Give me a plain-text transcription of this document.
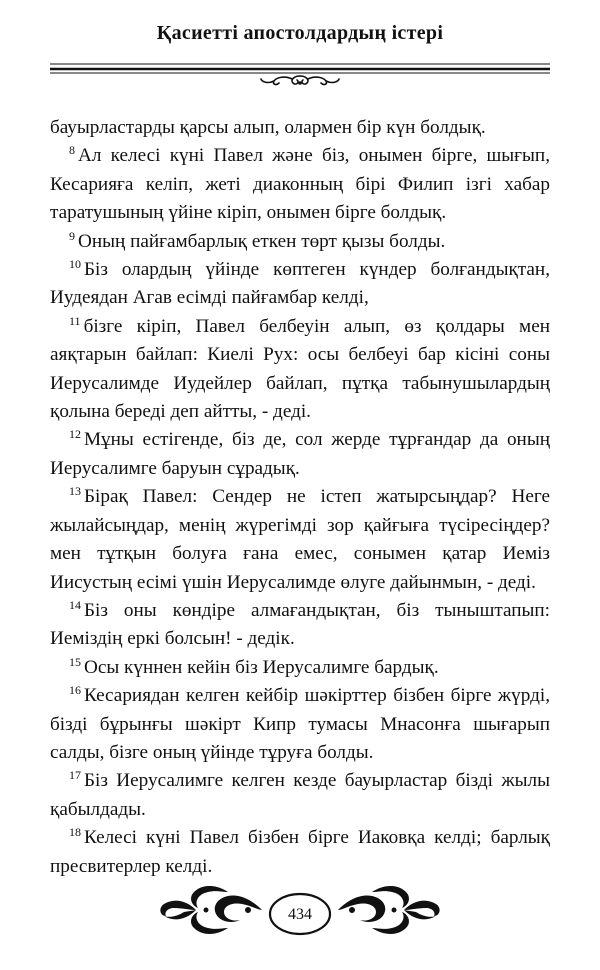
Қасиетті апостолдардың істері

бауырластарды қарсы алып, олармен бір күн болдық.

$^8$ Ал келесі күні Павел және біз, онымен бірге, шығып, Кесарияға келіп, жеті диаконның бірі Филип ізгі хабар таратушының үйіне кіріп, онымен бірге болдық.

$^9$ Оның пайғамбарлық еткен төрт қызы болды.

$^{10}$ Біз олардың үйінде көптеген күндер болғандықтан, Иудеядан Агав есімді пайғамбар келді,

$^{11}$ бізге кіріп, Павел белбеуін алып, өз қолдары мен аяқтарын байлап: Киелі Рух: осы белбеуі бар кісіні соны Иерусалимде Иудейлер байлап, пұтқа табынушылардың қолына береді деп айтты, - деді.

$^{12}$ Мұны естігенде, біз де, сол жерде тұрғандар да оның Иерусалимге баруын сұрадық.

$^{13}$ Бірақ Павел: Сендер не істеп жатырсыңдар? Неге жылайсыңдар, менің жүрегімді зор қайғыға түсіресіңдер? мен тұтқын болуға ғана емес, сонымен қатар Иеміз Иисустың есімі үшін Иерусалимде өлуге дайынмын, - деді.

$^{14}$ Біз оны көндіре алмағандықтан, біз тыныштапып: Иеміздің еркі болсын! - дедік.

$^{15}$ Осы күннен кейін біз Иерусалимге бардық.

$^{16}$ Кесариядан келген кейбір шәкірттер бізбен бірге жүрді, бізді бұрынғы шәкірт Кипр тумасы Мнасонға шығарып салды, бізге оның үйінде тұруға болды.

$^{17}$ Біз Иерусалимге келген кезде бауырластар бізді жылы қабылдады.

$^{18}$ Келесі күні Павел бізбен бірге Иаковқа келді; барлық пресвитерлер келді.

434
